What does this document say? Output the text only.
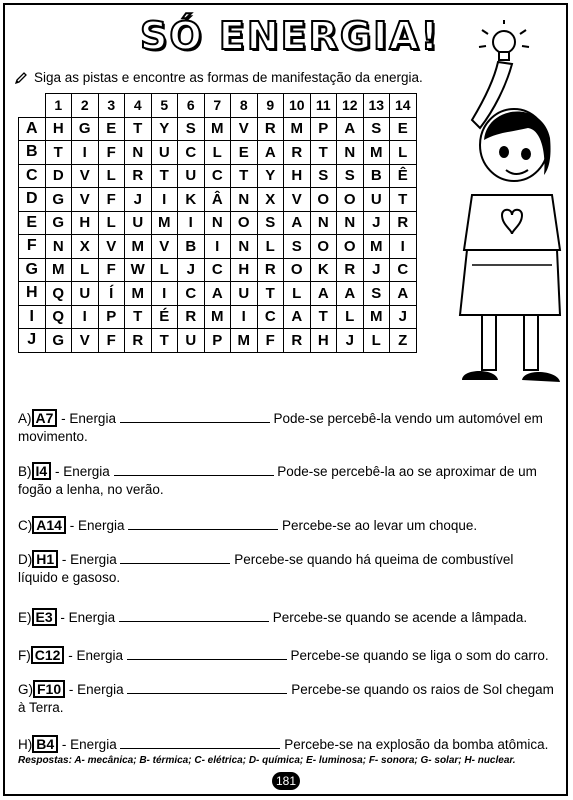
SÓ ENERGIA!
Siga as pistas e encontre as formas de manifestação da energia.
	1	2	3	4	5	6	7	8	9	10	11	12	13	14
A	H	G	E	T	Y	S	M	V	R	M	P	A	S	E
B	T	I	F	N	U	C	L	E	A	R	T	N	M	L
C	D	V	L	R	T	U	C	T	Y	H	S	S	B	Ê
D	G	V	F	J	I	K	Â	N	X	V	O	O	U	T
E	G	H	L	U	M	I	N	O	S	A	N	N	J	R
F	N	X	V	M	V	B	I	N	L	S	O	O	M	I
G	M	L	F	W	L	J	C	H	R	O	K	R	J	C
H	Q	U	Í	M	I	C	A	U	T	L	A	A	S	A
I	Q	I	P	T	É	R	M	I	C	A	T	L	M	J
J	G	V	F	R	T	U	P	M	F	R	H	J	L	Z
A) A7 - Energia	Pode-se percebê-la vendo um automóvel em movimento.
B) I4 - Energia	Pode-se percebê-la ao se aproximar de um fogão a lenha, no verão.
C) A14 - Energia	Percebe-se ao levar um choque.
D) H1 - Energia	Percebe-se quando há queima de combustível líquido e gasoso.
E) E3 - Energia	Percebe-se quando se acende a lâmpada.
F) C12 - Energia	Percebe-se quando se liga o som do carro.
G) F10 - Energia	Percebe-se quando os raios de Sol chegam à Terra.
H) B4 - Energia	Percebe-se na explosão da bomba atômica.
Respostas: A- mecânica; B- térmica; C- elétrica; D- química; E- luminosa; F- sonora; G- solar; H- nuclear.
181
